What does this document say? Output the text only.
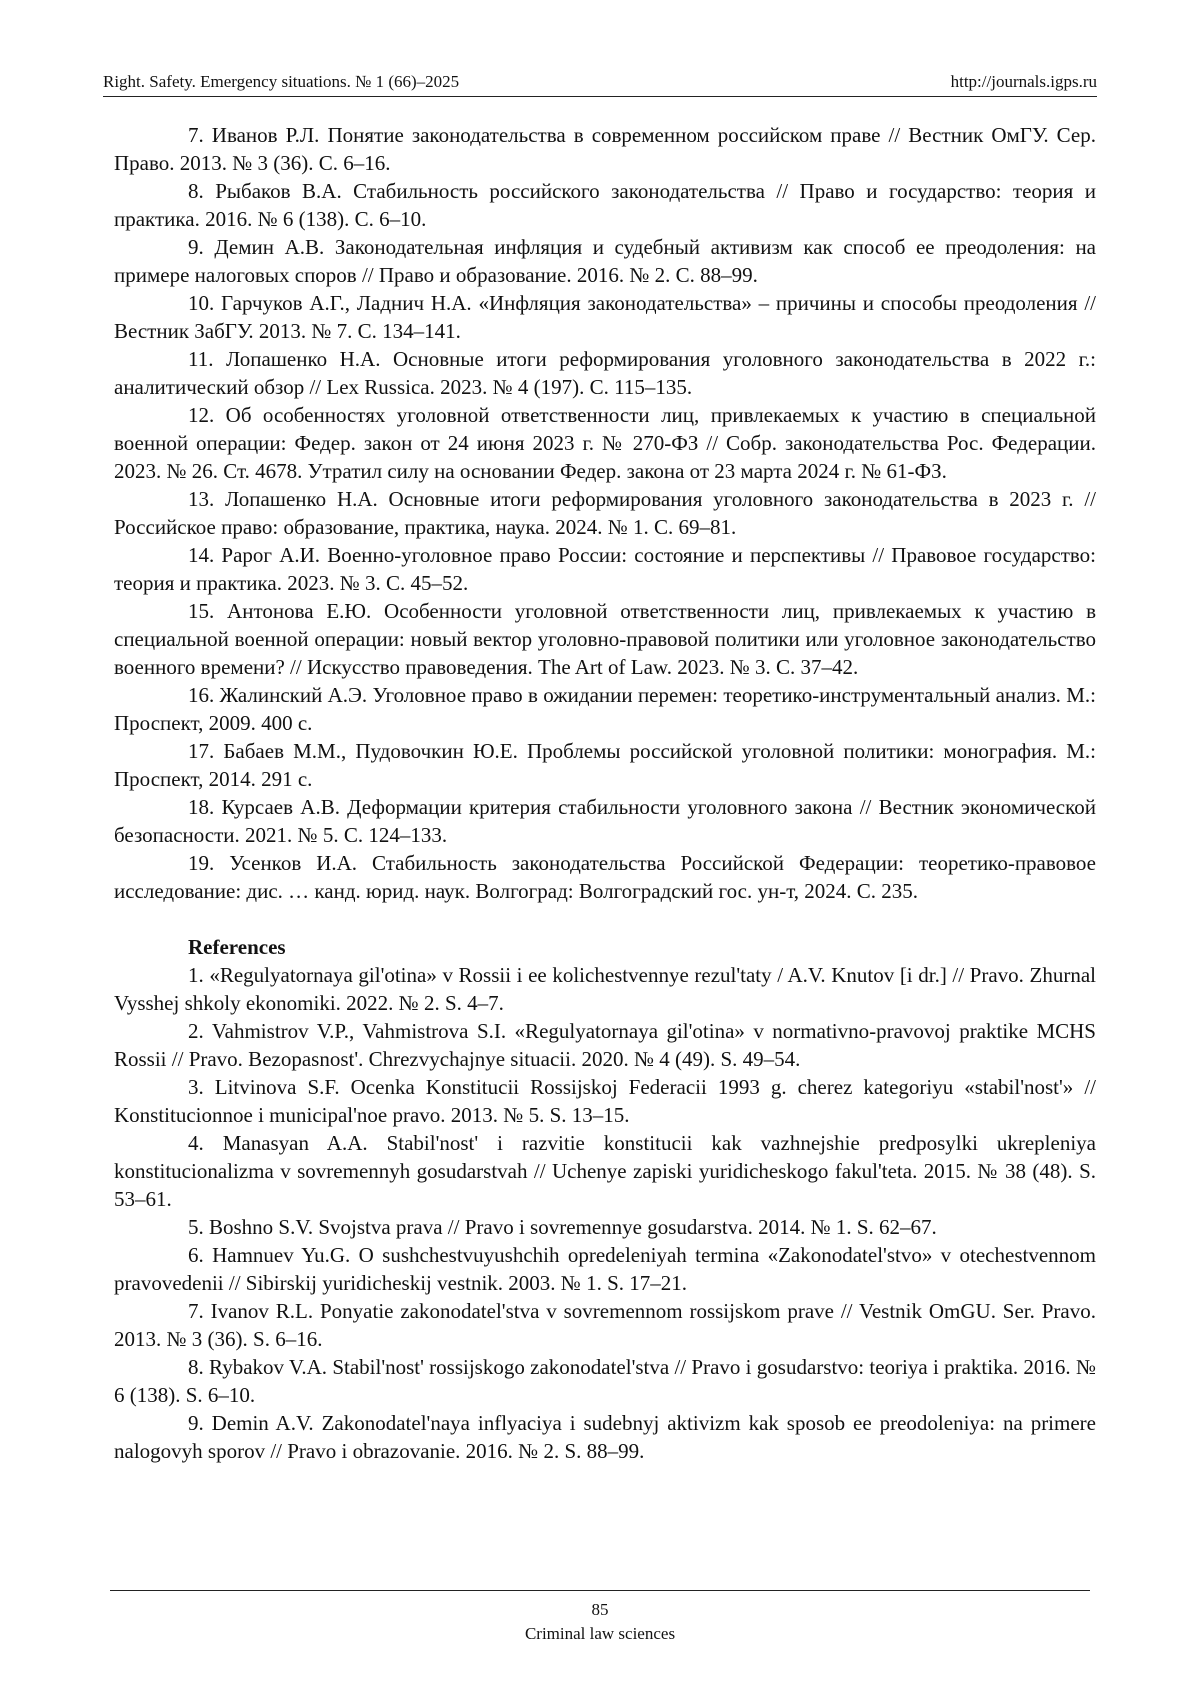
Right. Safety. Emergency situations. № 1 (66)–2025	http://journals.igps.ru

7. Иванов Р.Л. Понятие законодательства в современном российском праве // Вестник ОмГУ. Сер. Право. 2013. № 3 (36). С. 6–16.

8. Рыбаков В.А. Стабильность российского законодательства // Право и государство: теория и практика. 2016. № 6 (138). С. 6–10.

9. Демин А.В. Законодательная инфляция и судебный активизм как способ ее преодоления: на примере налоговых споров // Право и образование. 2016. № 2. С. 88–99.

10. Гарчуков А.Г., Ладнич Н.А. «Инфляция законодательства» – причины и способы преодоления // Вестник ЗабГУ. 2013. № 7. С. 134–141.

11. Лопашенко Н.А. Основные итоги реформирования уголовного законодательства в 2022 г.: аналитический обзор // Lex Russica. 2023. № 4 (197). С. 115–135.

12. Об особенностях уголовной ответственности лиц, привлекаемых к участию в специальной военной операции: Федер. закон от 24 июня 2023 г. № 270-ФЗ // Собр. законодательства Рос. Федерации. 2023. № 26. Ст. 4678. Утратил силу на основании Федер. закона от 23 марта 2024 г. № 61-ФЗ.

13. Лопашенко Н.А. Основные итоги реформирования уголовного законодательства в 2023 г. // Российское право: образование, практика, наука. 2024. № 1. С. 69–81.

14. Рарог А.И. Военно-уголовное право России: состояние и перспективы // Правовое государство: теория и практика. 2023. № 3. С. 45–52.

15. Антонова Е.Ю. Особенности уголовной ответственности лиц, привлекаемых к участию в специальной военной операции: новый вектор уголовно-правовой политики или уголовное законодательство военного времени? // Искусство правоведения. The Art of Law. 2023. № 3. С. 37–42.

16. Жалинский А.Э. Уголовное право в ожидании перемен: теоретико-инструментальный анализ. М.: Проспект, 2009. 400 с.

17. Бабаев М.М., Пудовочкин Ю.Е. Проблемы российской уголовной политики: монография. М.: Проспект, 2014. 291 с.

18. Курсаев А.В. Деформации критерия стабильности уголовного закона // Вестник экономической безопасности. 2021. № 5. С. 124–133.

19. Усенков И.А. Стабильность законодательства Российской Федерации: теоретико-правовое исследование: дис. … канд. юрид. наук. Волгоград: Волгоградский гос. ун-т, 2024. С. 235.

References

1. «Regulyatornaya gil'otina» v Rossii i ee kolichestvennye rezul'taty / A.V. Knutov [i dr.] // Pravo. Zhurnal Vysshej shkoly ekonomiki. 2022. № 2. S. 4–7.

2. Vahmistrov V.P., Vahmistrova S.I. «Regulyatornaya gil'otina» v normativno-pravovoj praktike MCHS Rossii // Pravo. Bezopasnost'. Chrezvychajnye situacii. 2020. № 4 (49). S. 49–54.

3. Litvinova S.F. Ocenka Konstitucii Rossijskoj Federacii 1993 g. cherez kategoriyu «stabil'nost'» // Konstitucionnoe i municipal'noe pravo. 2013. № 5. S. 13–15.

4. Manasyan A.A. Stabil'nost' i razvitie konstitucii kak vazhnejshie predposylki ukrepleniya konstitucionalizma v sovremennyh gosudarstvah // Uchenye zapiski yuridicheskogo fakul'teta. 2015. № 38 (48). S. 53–61.

5. Boshno S.V. Svojstva prava // Pravo i sovremennye gosudarstva. 2014. № 1. S. 62–67.

6. Hamnuev Yu.G. O sushchestvuyushchih opredeleniyah termina «Zakonodatel'stvo» v otechestvennom pravovedenii // Sibirskij yuridicheskij vestnik. 2003. № 1. S. 17–21.

7. Ivanov R.L. Ponyatie zakonodatel'stva v sovremennom rossijskom prave // Vestnik OmGU. Ser. Pravo. 2013. № 3 (36). S. 6–16.

8. Rybakov V.A. Stabil'nost' rossijskogo zakonodatel'stva // Pravo i gosudarstvo: teoriya i praktika. 2016. № 6 (138). S. 6–10.

9. Demin A.V. Zakonodatel'naya inflyaciya i sudebnyj aktivizm kak sposob ee preodoleniya: na primere nalogovyh sporov // Pravo i obrazovanie. 2016. № 2. S. 88–99.

85
Criminal law sciences
